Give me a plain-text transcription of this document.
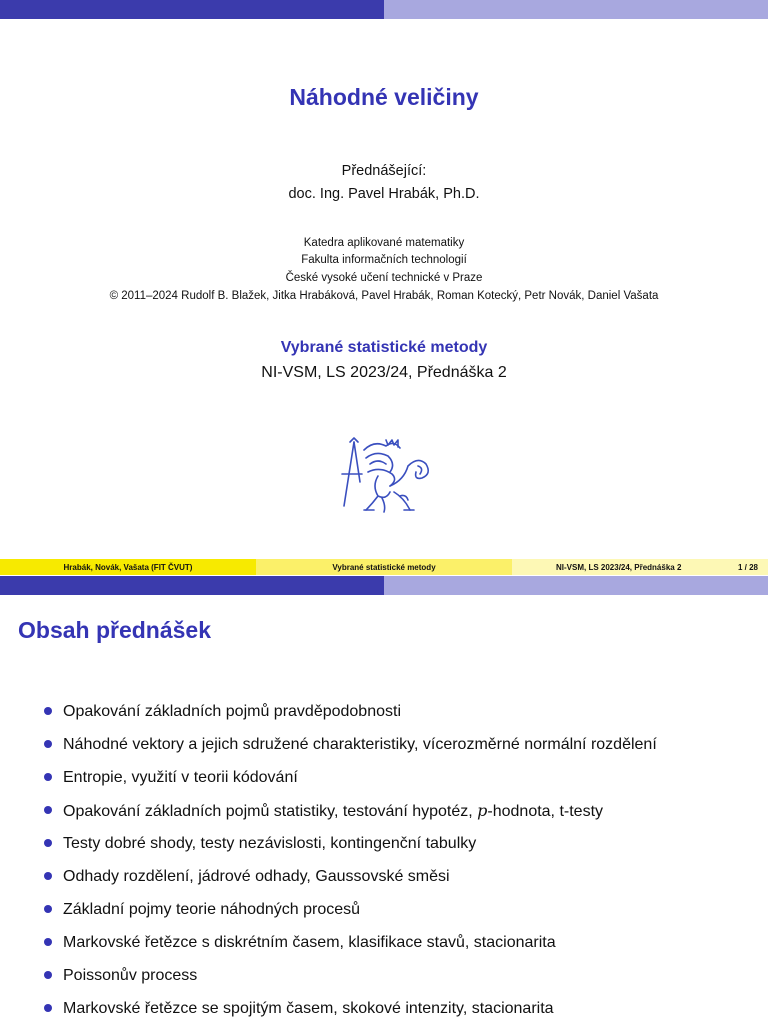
Náhodné veličiny
Přednášející:
doc. Ing. Pavel Hrabák, Ph.D.
Katedra aplikované matematiky
Fakulta informačních technologií
České vysoké učení technické v Praze
© 2011–2024 Rudolf B. Blažek, Jitka Hrabáková, Pavel Hrabák, Roman Kotecký, Petr Novák, Daniel Vašata
Vybrané statistické metody
NI-VSM, LS 2023/24, Přednáška 2
Hrabák, Novák, Vašata (FIT ČVUT)	Vybrané statistické metody	NI-VSM, LS 2023/24, Přednáška 2	1 / 28
Obsah přednášek
Opakování základních pojmů pravděpodobnosti
Náhodné vektory a jejich sdružené charakteristiky, vícerozměrné normální rozdělení
Entropie, využití v teorii kódování
Opakování základních pojmů statistiky, testování hypotéz, p-hodnota, t-testy
Testy dobré shody, testy nezávislosti, kontingenční tabulky
Odhady rozdělení, jádrové odhady, Gaussovské směsi
Základní pojmy teorie náhodných procesů
Markovské řetězce s diskrétním časem, klasifikace stavů, stacionarita
Poissonův process
Markovské řetězce se spojitým časem, skokové intenzity, stacionarita
